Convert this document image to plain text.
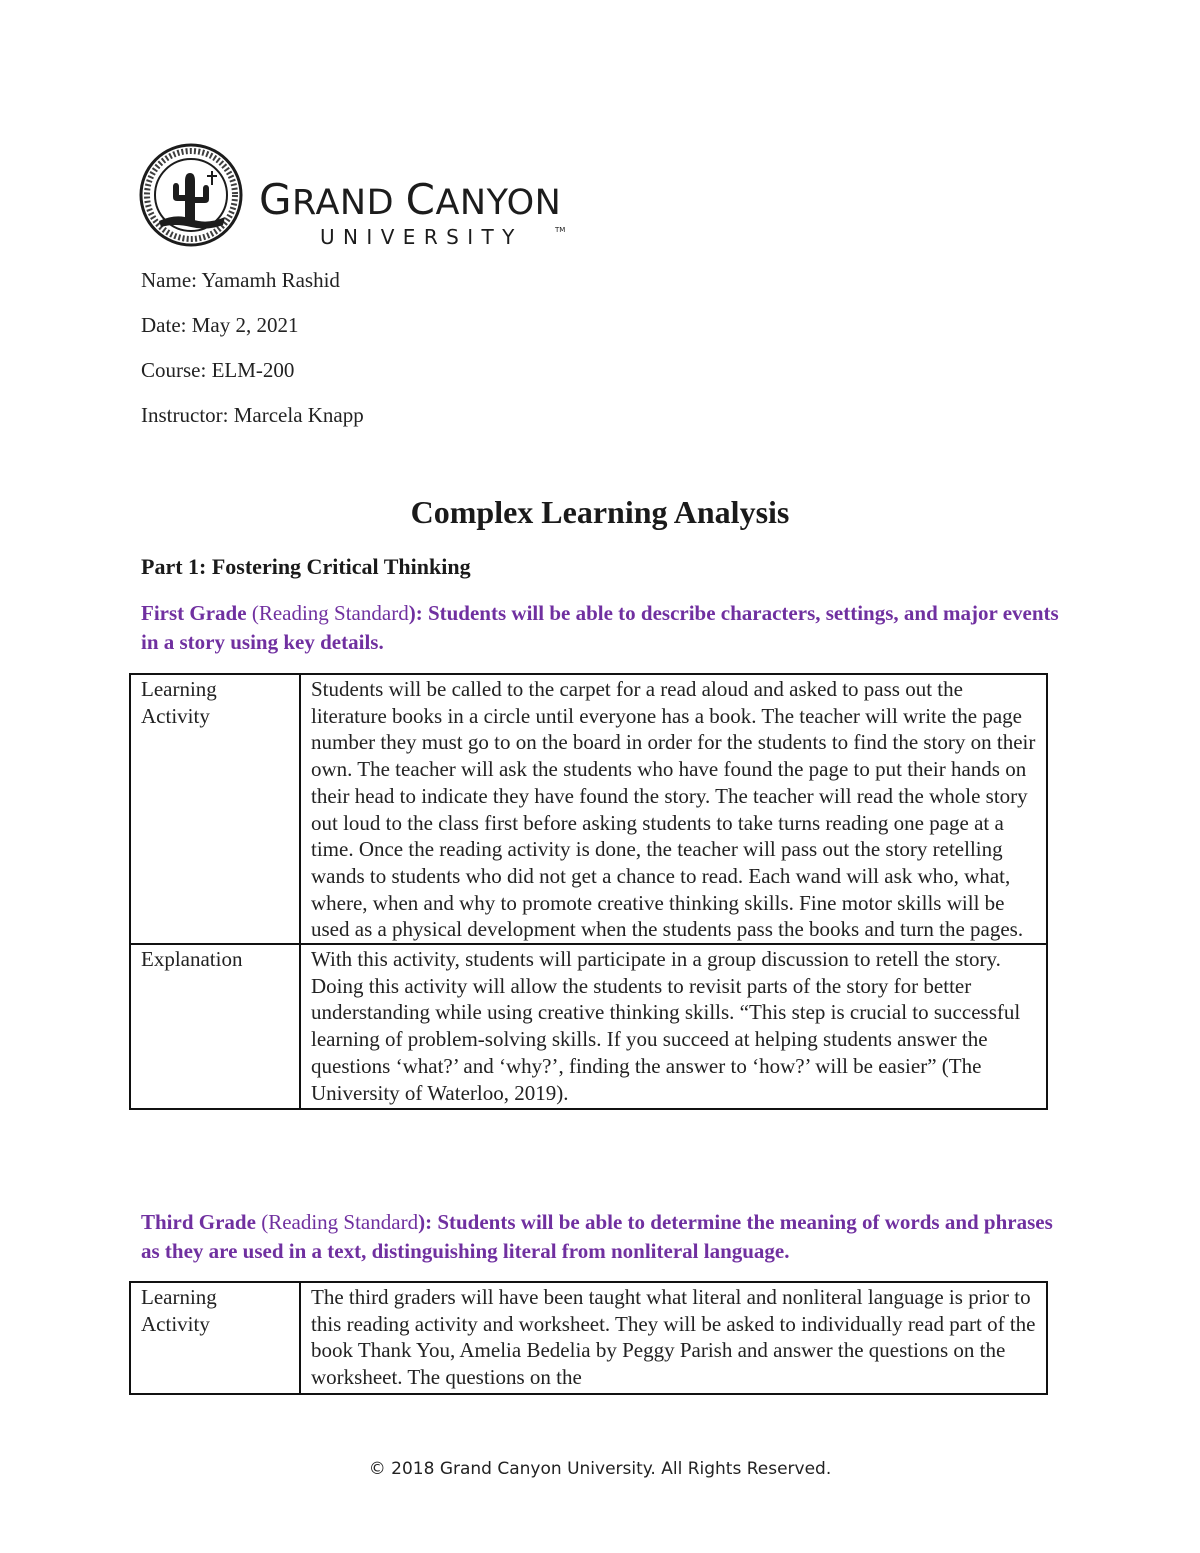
GRAND CANYON
UNIVERSITY	TM
Name: Yamamh Rashid
Date: May 2, 2021
Course: ELM-200
Instructor: Marcela Knapp
Complex Learning Analysis
Part 1: Fostering Critical Thinking
First Grade (Reading Standard): Students will be able to describe characters, settings, and major events in a story using key details.
Learning Activity	Students will be called to the carpet for a read aloud and asked to pass out the literature books in a circle until everyone has a book. The teacher will write the page number they must go to on the board in order for the students to find the story on their own. The teacher will ask the students who have found the page to put their hands on their head to indicate they have found the story. The teacher will read the whole story out loud to the class first before asking students to take turns reading one page at a time. Once the reading activity is done, the teacher will pass out the story retelling wands to students who did not get a chance to read. Each wand will ask who, what, where, when and why to promote creative thinking skills. Fine motor skills will be used as a physical development when the students pass the books and turn the pages.
Explanation	With this activity, students will participate in a group discussion to retell the story. Doing this activity will allow the students to revisit parts of the story for better understanding while using creative thinking skills. “This step is crucial to successful learning of problem-solving skills. If you succeed at helping students answer the questions ‘what?’ and ‘why?’, finding the answer to ‘how?’ will be easier” (The University of Waterloo, 2019).
Third Grade (Reading Standard): Students will be able to determine the meaning of words and phrases as they are used in a text, distinguishing literal from nonliteral language.
Learning Activity	The third graders will have been taught what literal and nonliteral language is prior to this reading activity and worksheet. They will be asked to individually read part of the book Thank You, Amelia Bedelia by Peggy Parish and answer the questions on the worksheet. The questions on the
© 2018 Grand Canyon University. All Rights Reserved.
